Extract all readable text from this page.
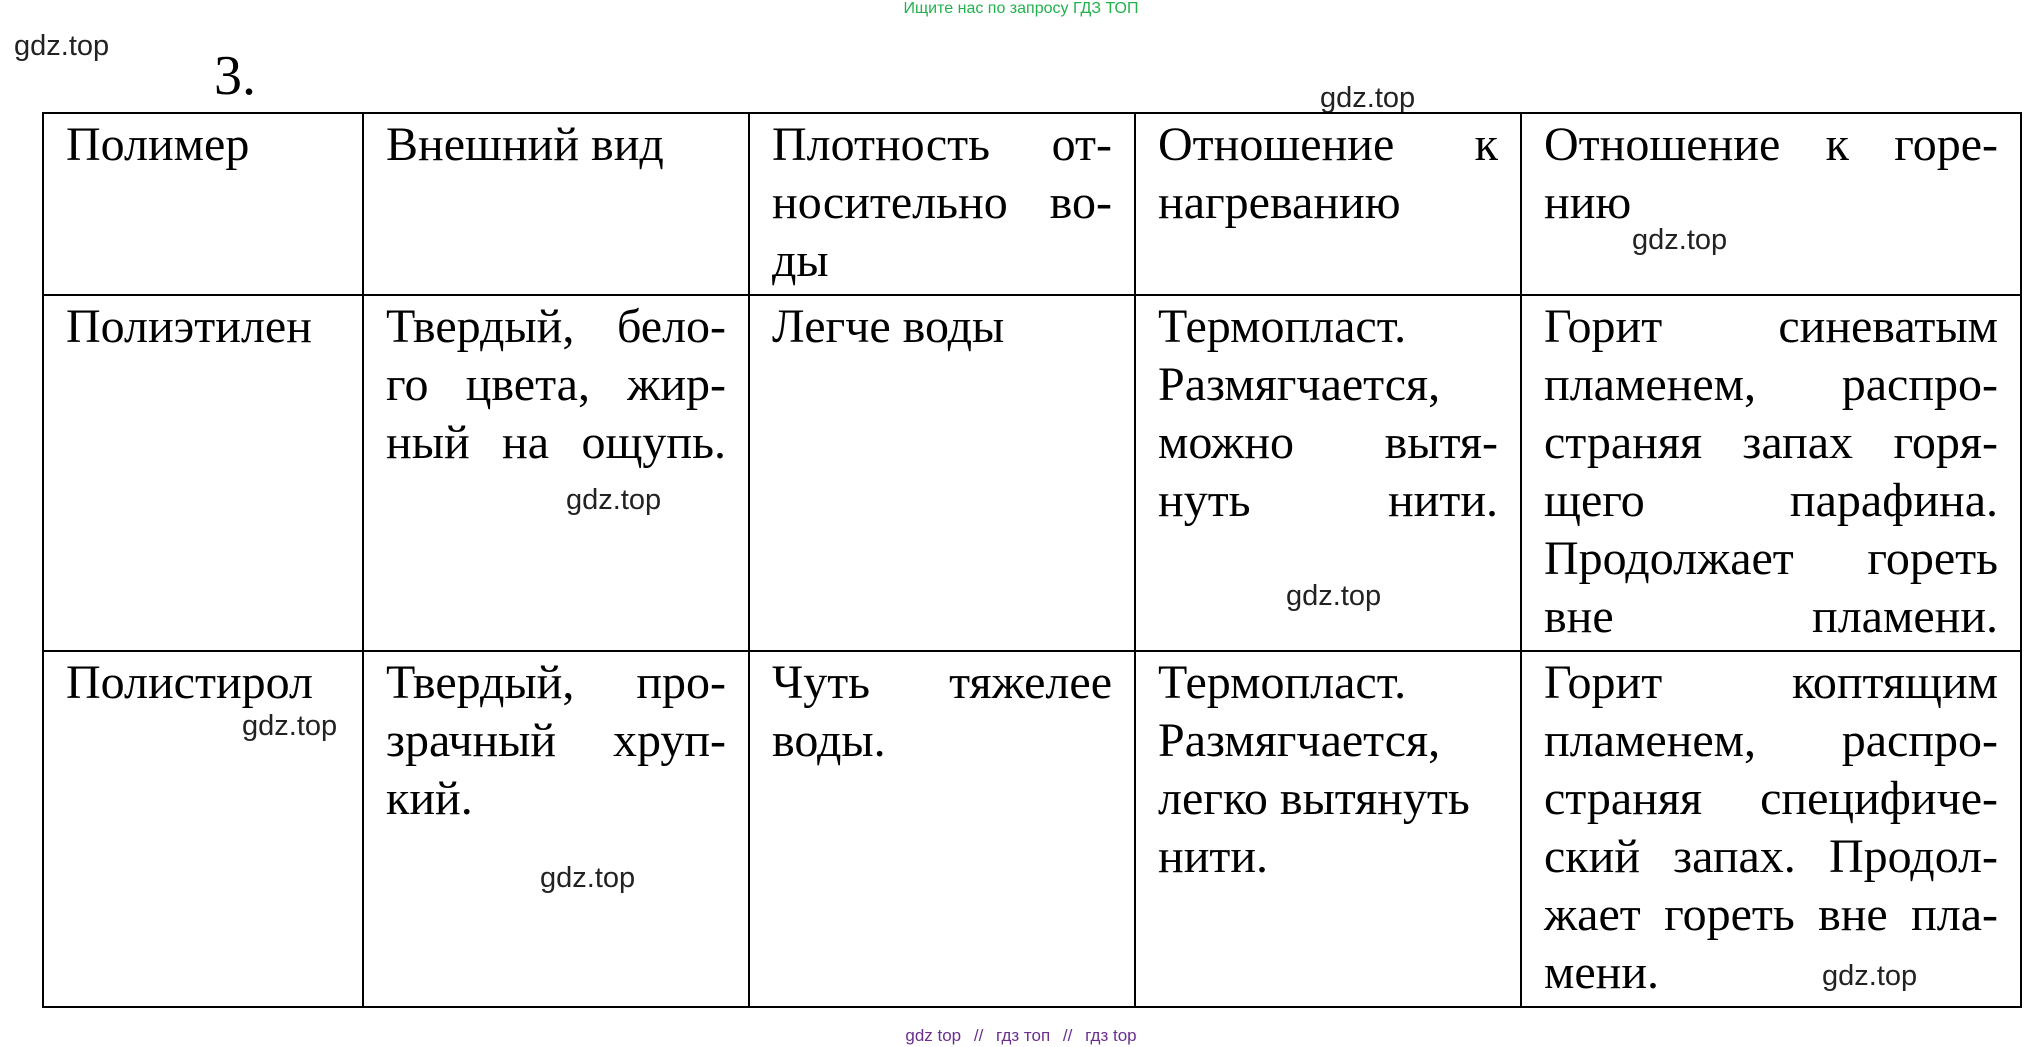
Ищите нас по запросу ГДЗ ТОП
gdz.top
gdz.top
gdz.top
gdz.top
gdz.top
gdz.top
gdz.top
gdz.top
3.
Полимер	Внешний вид	Плотность от-носительно во-ды	Отношение к нагреванию	Отношение к горе-нию
Полиэтилен	Твердый, бело-го цвета, жир-ный на ощупь.	Легче воды	Термопласт. Размягчается, можно вытя-нуть нити.	Горит синеватым пламенем, распро-страняя запах горя-щего парафина. Продолжает гореть вне пламени.
Полистирол	Твердый, про-зрачный хруп-кий.	Чуть тяжелее воды.	Термопласт. Размягчается, легко вытянуть нити.	Горит коптящим пламенем, распро-страняя специфиче-ский запах. Продол-жает гореть вне пла-мени.
gdz top // гдз топ // гдз top
